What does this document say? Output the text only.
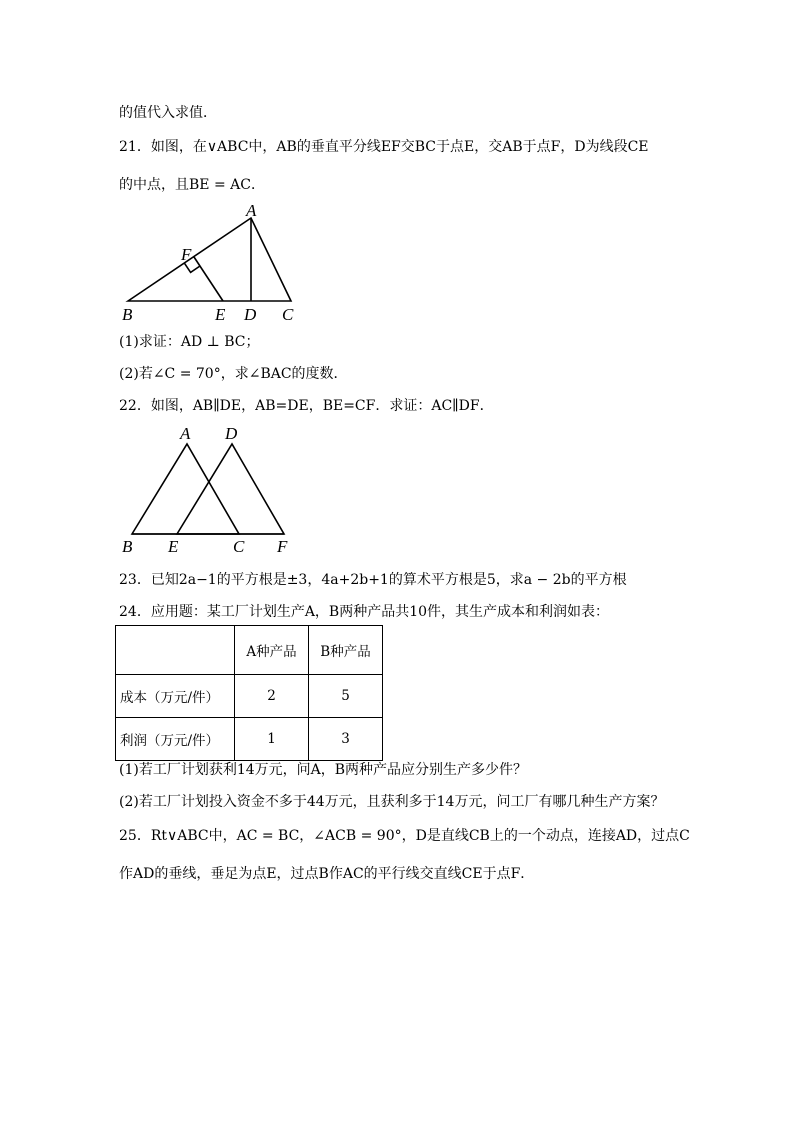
的值代入求值．
21．如图，在∨ABC中，AB的垂直平分线EF交BC于点E，交AB于点F，D为线段CE
的中点，且BE = AC．
A
B	C
D
E
F
(1)求证：AD ⊥ BC；
(2)若∠C = 70°，求∠BAC的度数．
22．如图，AB∥DE，AB=DE，BE=CF．求证：AC∥DF．
A D
B E	C F
23．已知2a−1的平方根是±3，4a+2b+1的算术平方根是5，求a − 2b的平方根
24．应用题：某工厂计划生产A，B两种产品共10件，其生产成本和利润如表：
	A种产品	B种产品
成本（万元/件）	2	5
利润（万元/件）	1	3
(1)若工厂计划获利14万元，问A，B两种产品应分别生产多少件？
(2)若工厂计划投入资金不多于44万元，且获利多于14万元，问工厂有哪几种生产方案？
25．Rt∨ABC中，AC = BC，∠ACB = 90°，D是直线CB上的一个动点，连接AD，过点C
作AD的垂线，垂足为点E，过点B作AC的平行线交直线CE于点F．
